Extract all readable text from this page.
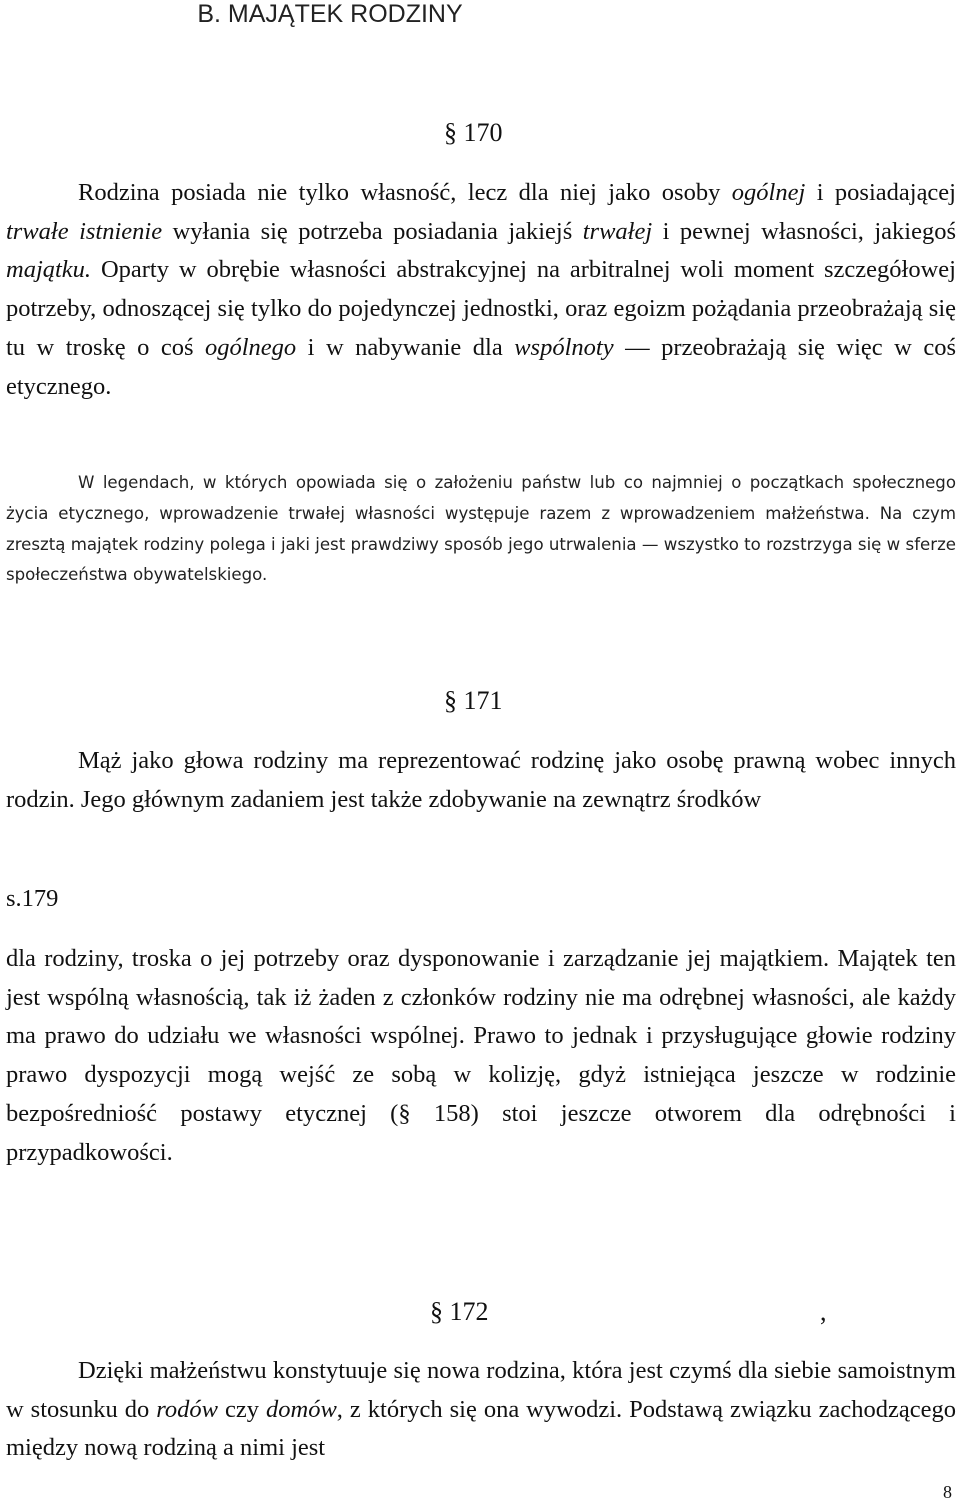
B. MAJĄTEK RODZINY
§ 170

Rodzina posiada nie tylko własność, lecz dla niej jako osoby ogólnej i posiadającej trwałe istnienie wyłania się potrzeba posiadania jakiejś trwałej i pewnej własności, jakiegoś majątku. Oparty w obrębie własności abstrakcyjnej na arbitralnej woli moment szczegółowej potrzeby, odnoszącej się tylko do pojedynczej jednostki, oraz egoizm pożądania przeobrażają się tu w troskę o coś ogólnego i w nabywanie dla wspólnoty — przeobrażają się więc w coś etycznego.

W legendach, w których opowiada się o założeniu państw lub co najmniej o początkach społecznego życia etycznego, wprowadzenie trwałej własności występuje razem z wprowadzeniem małżeństwa. Na czym zresztą majątek rodziny polega i jaki jest prawdziwy sposób jego utrwalenia — wszystko to rozstrzyga się w sferze społeczeństwa obywatelskiego.

§ 171

Mąż jako głowa rodziny ma reprezentować rodzinę jako osobę prawną wobec innych rodzin. Jego głównym zadaniem jest także zdobywanie na zewnątrz środków

s.179

dla rodziny, troska o jej potrzeby oraz dysponowanie i zarządzanie jej majątkiem. Majątek ten jest wspólną własnością, tak iż żaden z członków rodziny nie ma odrębnej własności, ale każdy ma prawo do udziału we własności wspólnej. Prawo to jednak i przysługujące głowie rodziny prawo dyspozycji mogą wejść ze sobą w kolizję, gdyż istniejąca jeszcze w rodzinie bezpośredniość postawy etycznej (§ 158) stoi jeszcze otworem dla odrębności i przypadkowości.

§ 172	,

Dzięki małżeństwu konstytuuje się nowa rodzina, która jest czymś dla siebie samoistnym w stosunku do rodów czy domów, z których się ona wywodzi. Podstawą związku zachodzącego między nową rodziną a nimi jest

8
